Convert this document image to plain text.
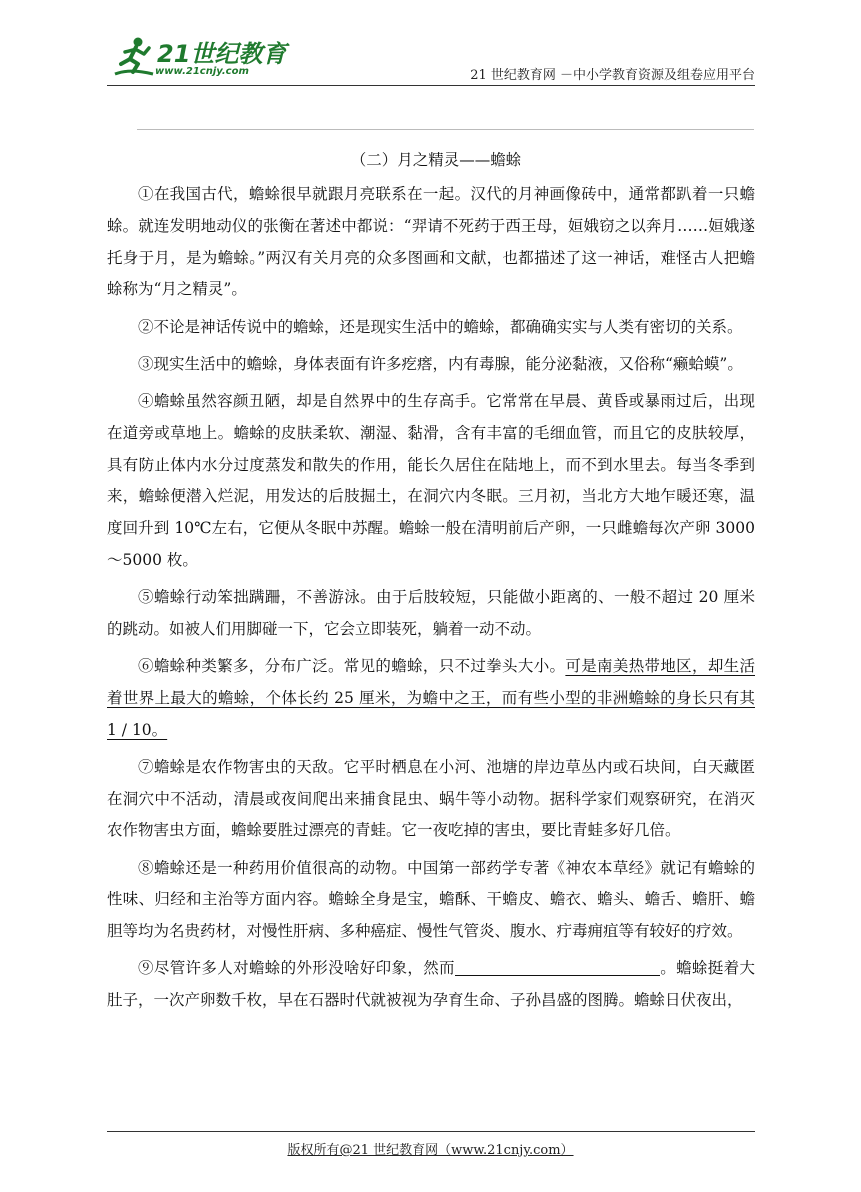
21世纪教育
www.21cnjy.com	21 世纪教育网 －中小学教育资源及组卷应用平台
（二）月之精灵——蟾蜍

①在我国古代，蟾蜍很早就跟月亮联系在一起。汉代的月神画像砖中，通常都趴着一只蟾蜍。就连发明地动仪的张衡在著述中都说：“羿请不死药于西王母，姮娥窃之以奔月……姮娥遂托身于月，是为蟾蜍。”两汉有关月亮的众多图画和文献，也都描述了这一神话，难怪古人把蟾蜍称为“月之精灵”。

②不论是神话传说中的蟾蜍，还是现实生活中的蟾蜍，都确确实实与人类有密切的关系。

③现实生活中的蟾蜍，身体表面有许多疙瘩，内有毒腺，能分泌黏液，又俗称“癞蛤蟆”。

④蟾蜍虽然容颜丑陋，却是自然界中的生存高手。它常常在早晨、黄昏或暴雨过后，出现在道旁或草地上。蟾蜍的皮肤柔软、潮湿、黏滑，含有丰富的毛细血管，而且它的皮肤较厚，具有防止体内水分过度蒸发和散失的作用，能长久居住在陆地上，而不到水里去。每当冬季到来，蟾蜍便潜入烂泥，用发达的后肢掘土，在洞穴内冬眠。三月初，当北方大地乍暖还寒，温度回升到 10℃左右，它便从冬眠中苏醒。蟾蜍一般在清明前后产卵，一只雌蟾每次产卵 3000～5000 枚。

⑤蟾蜍行动笨拙蹒跚，不善游泳。由于后肢较短，只能做小距离的、一般不超过 20 厘米的跳动。如被人们用脚碰一下，它会立即装死，躺着一动不动。

⑥蟾蜍种类繁多，分布广泛。常见的蟾蜍，只不过拳头大小。可是南美热带地区，却生活着世界上最大的蟾蜍，个体长约 25 厘米，为蟾中之王，而有些小型的非洲蟾蜍的身长只有其 1 / 10。

⑦蟾蜍是农作物害虫的天敌。它平时栖息在小河、池塘的岸边草丛内或石块间，白天藏匿在洞穴中不活动，清晨或夜间爬出来捕食昆虫、蜗牛等小动物。据科学家们观察研究，在消灭农作物害虫方面，蟾蜍要胜过漂亮的青蛙。它一夜吃掉的害虫，要比青蛙多好几倍。

⑧蟾蜍还是一种药用价值很高的动物。中国第一部药学专著《神农本草经》就记有蟾蜍的性味、归经和主治等方面内容。蟾蜍全身是宝，蟾酥、干蟾皮、蟾衣、蟾头、蟾舌、蟾肝、蟾胆等均为名贵药材，对慢性肝病、多种癌症、慢性气管炎、腹水、疔毒痈疽等有较好的疗效。

⑨尽管许多人对蟾蜍的外形没啥好印象，然而	。蟾蜍挺着大肚子，一次产卵数千枚，早在石器时代就被视为孕育生命、子孙昌盛的图腾。蟾蜍日伏夜出，

版权所有@21 世纪教育网（www.21cnjy.com）
